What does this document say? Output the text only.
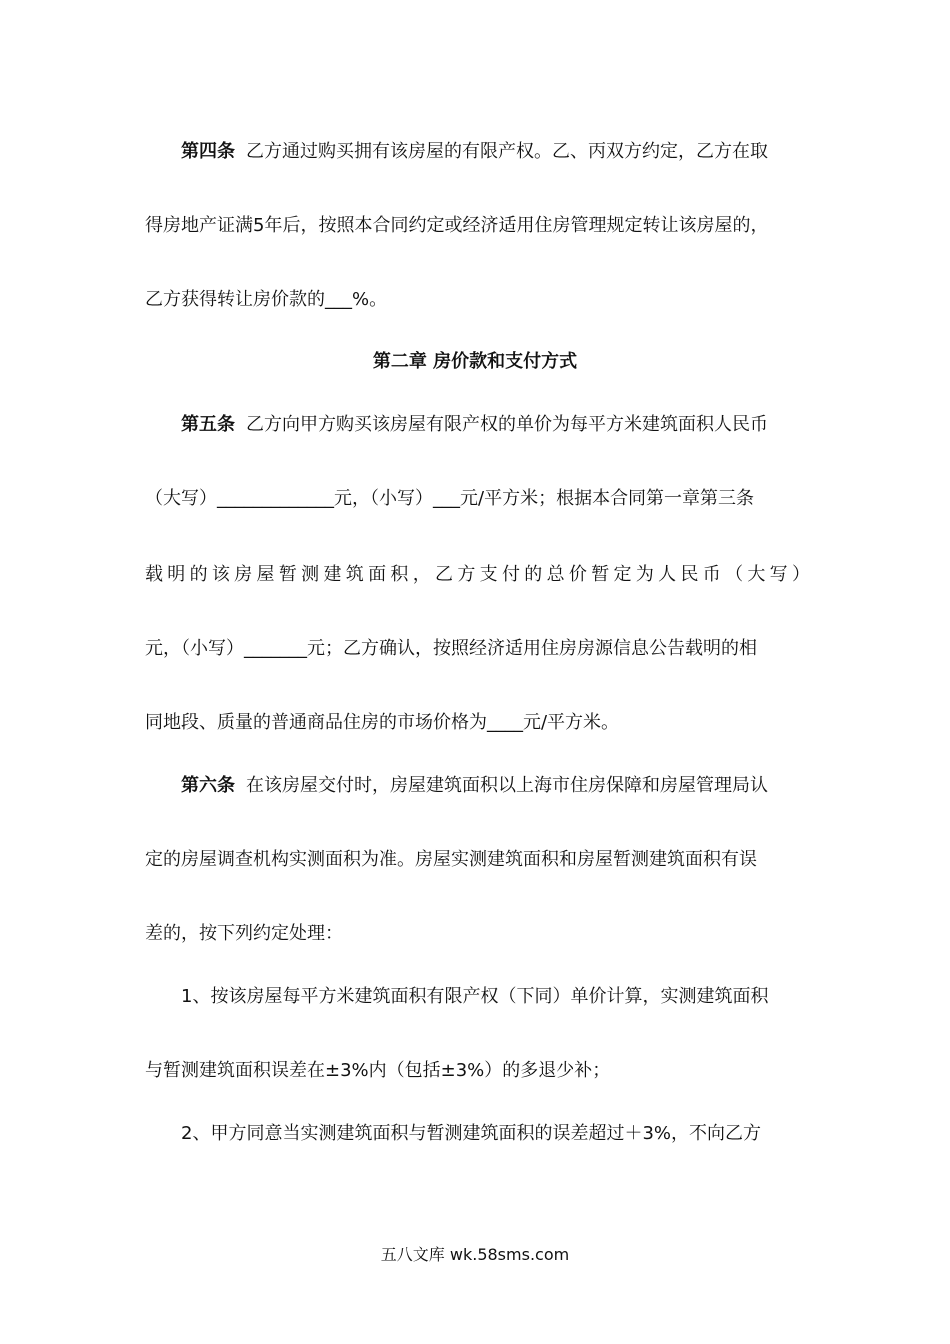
第四条 乙方通过购买拥有该房屋的有限产权。乙、丙双方约定，乙方在取

得房地产证满5年后，按照本合同约定或经济适用住房管理规定转让该房屋的，

乙方获得转让房价款的___%。

第二章 房价款和支付方式

第五条 乙方向甲方购买该房屋有限产权的单价为每平方米建筑面积人民币

（大写）_____________元，（小写）___元/平方米；根据本合同第一章第三条

载明的该房屋暂测建筑面积，乙方支付的总价暂定为人民币（大写）

元，（小写）_______元；乙方确认，按照经济适用住房房源信息公告载明的相

同地段、质量的普通商品住房的市场价格为____元/平方米。

第六条 在该房屋交付时，房屋建筑面积以上海市住房保障和房屋管理局认

定的房屋调查机构实测面积为准。房屋实测建筑面积和房屋暂测建筑面积有误

差的，按下列约定处理：

1、按该房屋每平方米建筑面积有限产权（下同）单价计算，实测建筑面积

与暂测建筑面积误差在±3%内（包括±3%）的多退少补；

2、甲方同意当实测建筑面积与暂测建筑面积的误差超过＋3%，不向乙方

五八文库 wk.58sms.com
